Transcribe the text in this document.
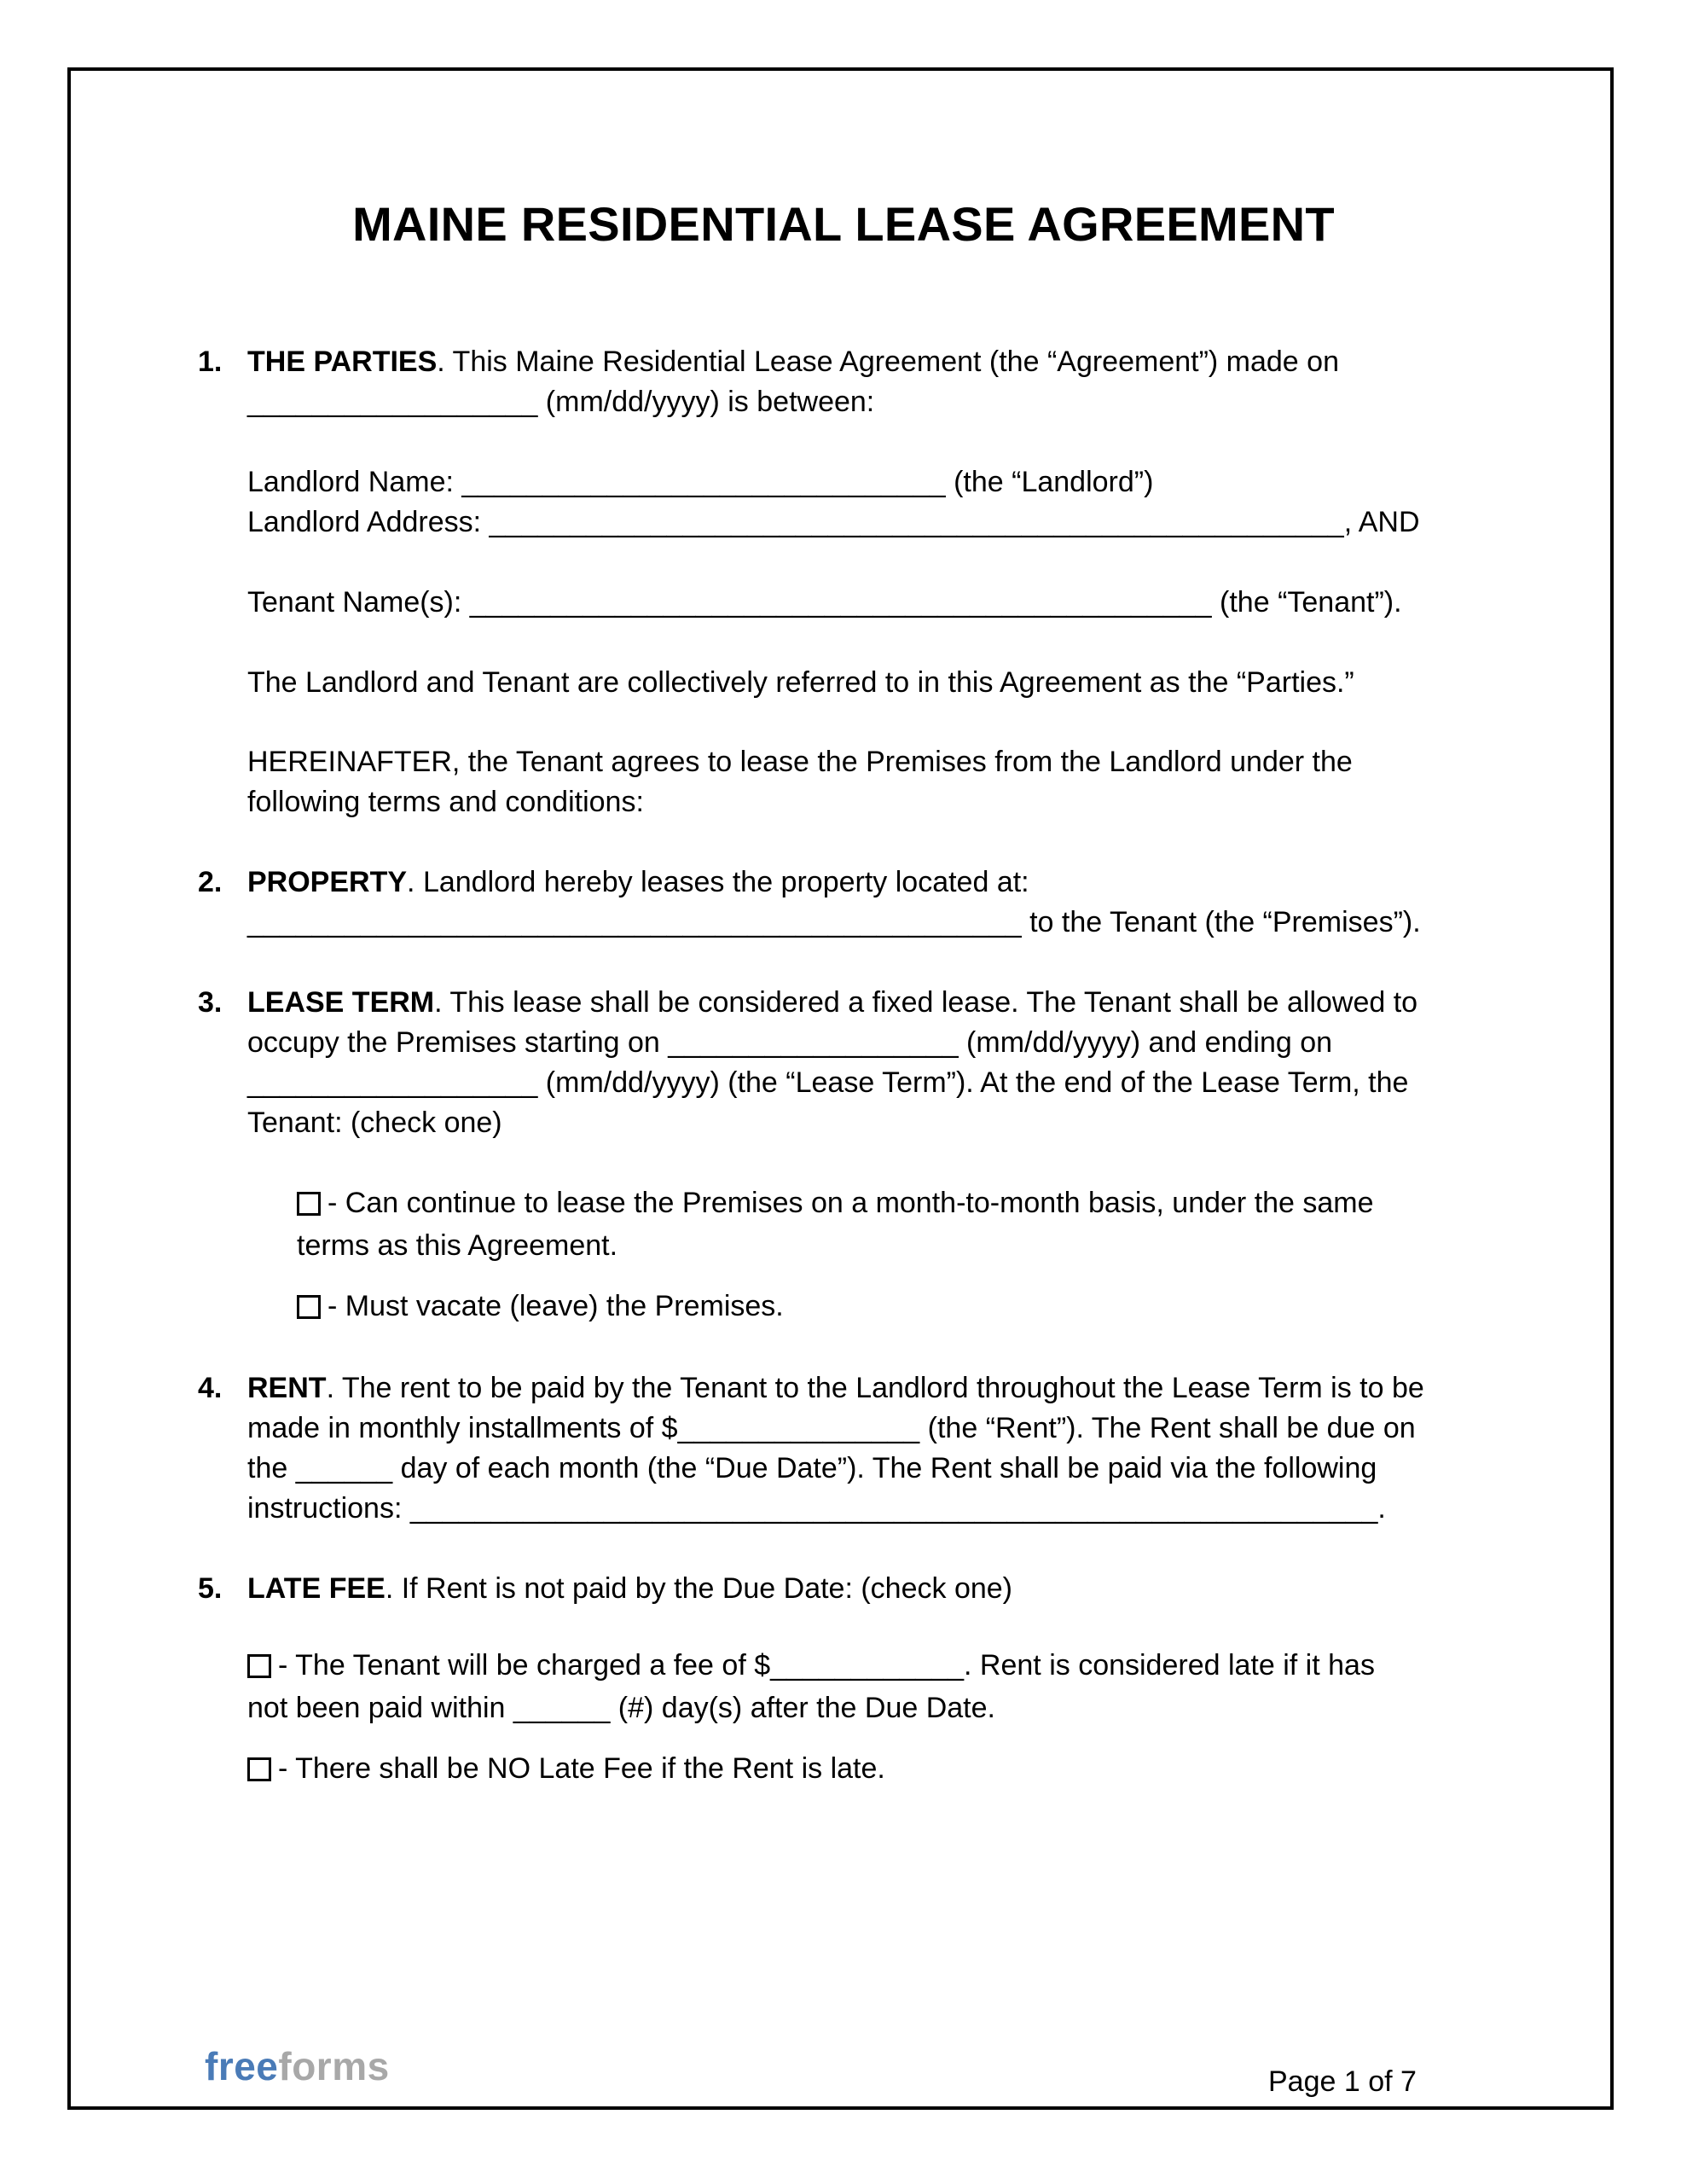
MAINE RESIDENTIAL LEASE AGREEMENT
1. THE PARTIES. This Maine Residential Lease Agreement (the “Agreement”) made on
__________________ (mm/dd/yyyy) is between:
Landlord Name: ______________________________ (the “Landlord”)
Landlord Address: _____________________________________________________, AND
Tenant Name(s): ______________________________________________ (the “Tenant”).
The Landlord and Tenant are collectively referred to in this Agreement as the “Parties.”
HEREINAFTER, the Tenant agrees to lease the Premises from the Landlord under the
following terms and conditions:
2. PROPERTY. Landlord hereby leases the property located at:
________________________________________________ to the Tenant (the “Premises”).
3. LEASE TERM. This lease shall be considered a fixed lease. The Tenant shall be allowed to
occupy the Premises starting on __________________ (mm/dd/yyyy) and ending on
__________________ (mm/dd/yyyy) (the “Lease Term”). At the end of the Lease Term, the
Tenant: (check one)
- Can continue to lease the Premises on a month-to-month basis, under the same
terms as this Agreement.
- Must vacate (leave) the Premises.
4. RENT. The rent to be paid by the Tenant to the Landlord throughout the Lease Term is to be
made in monthly installments of $_______________ (the “Rent”). The Rent shall be due on
the ______ day of each month (the “Due Date”). The Rent shall be paid via the following
instructions: ____________________________________________________________.
5. LATE FEE. If Rent is not paid by the Due Date: (check one)
- The Tenant will be charged a fee of $____________. Rent is considered late if it has
not been paid within ______ (#) day(s) after the Due Date.
- There shall be NO Late Fee if the Rent is late.
freeforms	Page 1 of 7
